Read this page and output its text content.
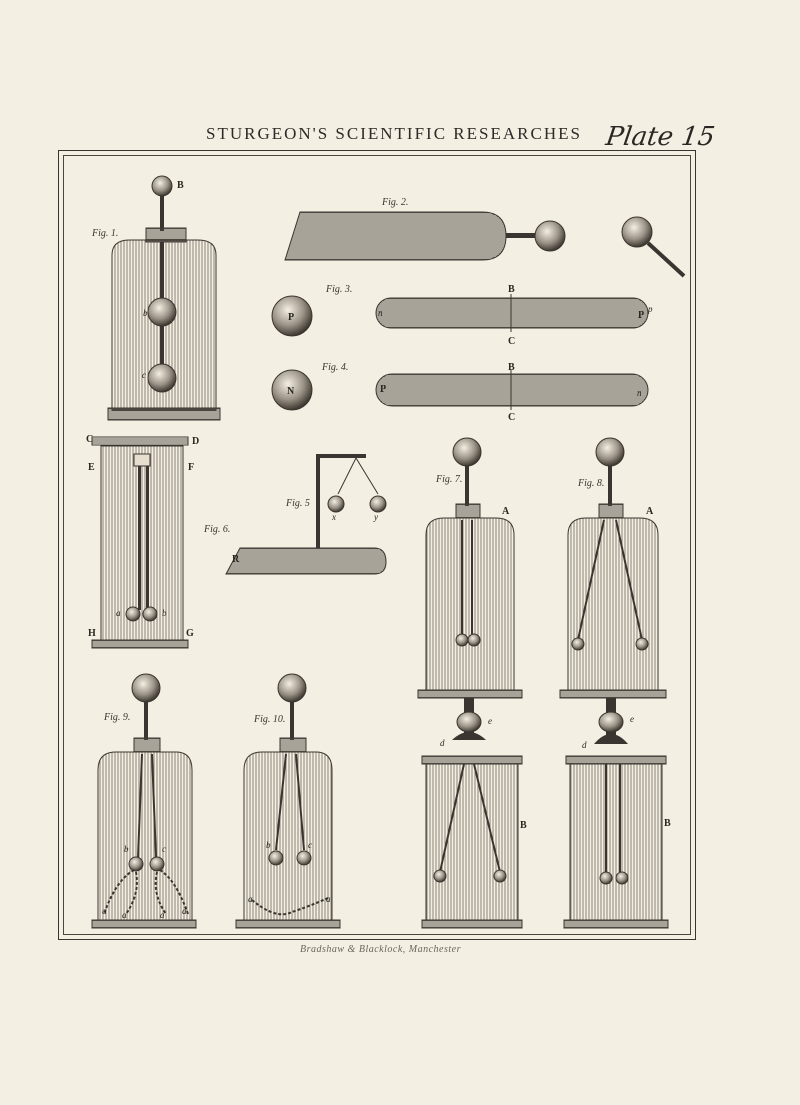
STURGEON'S SCIENTIFIC RESEARCHES Plate 15
Fig. 1.
B
b
c
Fig. 2.
P
Fig. 3.	B
C
n	P
p
N
Fig. 4.	B
C
P	n
Fig. 5
x	y
R
Fig. 6.
C	D
E	F
H	G
a	b
Fig. 7.
A
d
B
e
Fig. 8.
A
d
B
e
Fig. 9.
b	c
a a	a a
Fig. 10.
b	c
a	a
Bradshaw & Blacklock, Manchester
